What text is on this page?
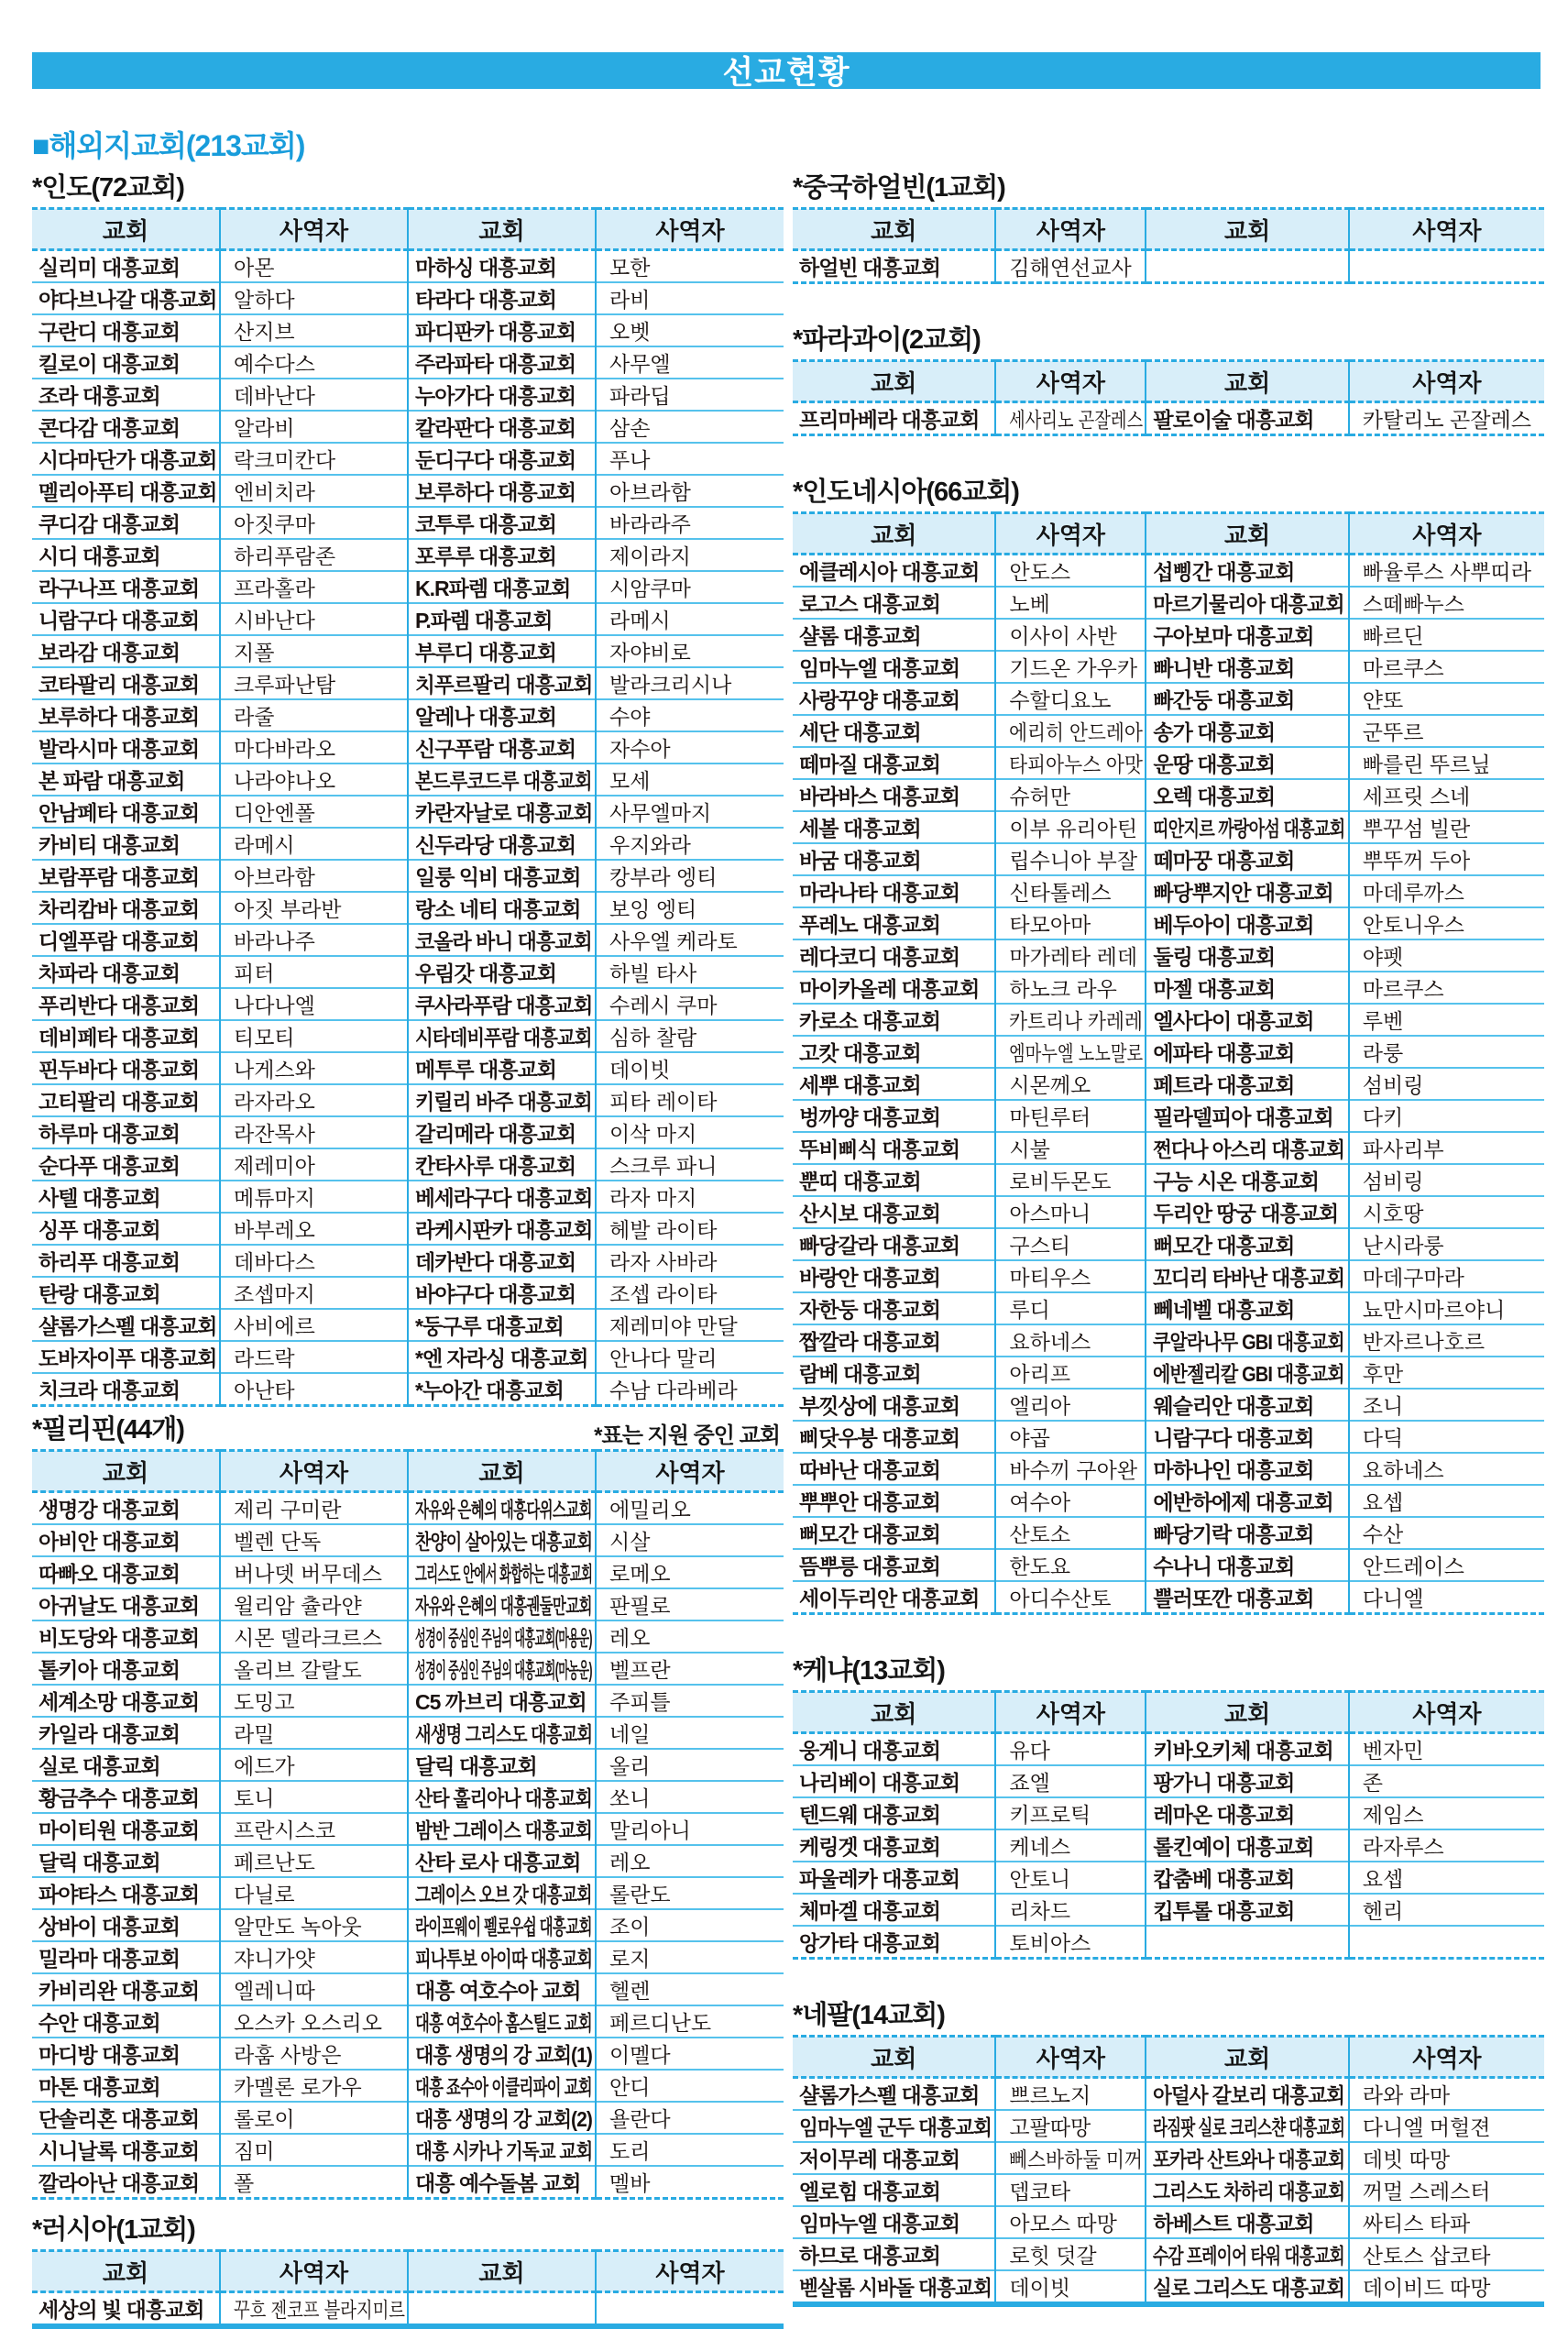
선교현황
■해외지교회(213교회)
*인도(72교회)
교회	사역자	교회	사역자
실리미 대흥교회	아몬	마하싱 대흥교회	모한
야다브나갈 대흥교회	알하다	타라다 대흥교회	라비
구란디 대흥교회	산지브	파디판카 대흥교회	오벳
킬로이 대흥교회	예수다스	주라파타 대흥교회	사무엘
조라 대흥교회	데바난다	누아가다 대흥교회	파라딥
콘다감 대흥교회	알라비	칼라판다 대흥교회	삼손
시다마단가 대흥교회	락크미칸다	둔디구다 대흥교회	푸나
멜리아푸티 대흥교회	엔비치라	보루하다 대흥교회	아브라함
쿠디감 대흥교회	아짓쿠마	코투루 대흥교회	바라라주
시디 대흥교회	하리푸람존	포루루 대흥교회	제이라지
라구나프 대흥교회	프라홀라	K.R파렘 대흥교회	시암쿠마
니람구다 대흥교회	시바난다	P.파렘 대흥교회	라메시
보라감 대흥교회	지폴	부루디 대흥교회	자야비로
코타팔리 대흥교회	크루파난탐	치푸르팔리 대흥교회	발라크리시나
보루하다 대흥교회	라줄	알레나 대흥교회	수야
발라시마 대흥교회	마다바라오	신구푸람 대흥교회	자수아
본 파람 대흥교회	나라야나오	본드루코드루 대흥교회	모세
안남페타 대흥교회	디안엔폴	카란자날로 대흥교회	사무엘마지
카비티 대흥교회	라메시	신두라당 대흥교회	우지와라
보람푸람 대흥교회	아브라함	일룽 익비 대흥교회	캉부라 엥티
차리캄바 대흥교회	아짓 부라반	랑소 네티 대흥교회	보잉 엥티
디엘푸람 대흥교회	바라나주	코올라 바니 대흥교회	사우엘 케라토
차파라 대흥교회	피터	우림갓 대흥교회	하빌 타사
푸리반다 대흥교회	나다나엘	쿠사라푸람 대흥교회	수레시 쿠마
데비페타 대흥교회	티모티	시타데비푸람 대흥교회	심하 찰람
핀두바다 대흥교회	나게스와	메투루 대흥교회	데이빗
고티팔리 대흥교회	라자라오	키릴리 바주 대흥교회	피타 레이타
하루마 대흥교회	라잔목사	갈리메라 대흥교회	이삭 마지
순다푸 대흥교회	제레미아	칸타사루 대흥교회	스크루 파니
사텔 대흥교회	메튜마지	베세라구다 대흥교회	라자 마지
싱푸 대흥교회	바부레오	라케시판카 대흥교회	헤발 라이타
하리푸 대흥교회	데바다스	데카반다 대흥교회	라자 사바라
탄랑 대흥교회	조셉마지	바야구다 대흥교회	조셉 라이타
샬롬가스펠 대흥교회	사비에르	*둥구루 대흥교회	제레미야 만달
도바자이푸 대흥교회	라드락	*엔 자라싱 대흥교회	안나다 말리
치크라 대흥교회	아난타	*누아간 대흥교회	수남 다라베라
*필리핀(44개)	*표는 지원 중인 교회
교회	사역자	교회	사역자
생명강 대흥교회	제리 구미란	자유와 은혜의 대흥다위스교회	에밀리오
아비안 대흥교회	벨렌 단독	찬양이 살아있는 대흥교회	시살
따빠오 대흥교회	버나뎃 버무데스	그리스도 안에서 화합하는 대흥교회	로메오
아귀날도 대흥교회	윌리암 츌라얀	자유와 은혜의 대흥궨둘만교회	판필로
비도당와 대흥교회	시몬 델라크르스	성경이 중심인 주님의 대흥교회(마용운)	레오
톨키아 대흥교회	올리브 갈랄도	성경이 중심인 주님의 대흥교회(마농운)	벨프란
세계소망 대흥교회	도밍고	C5 까브리 대흥교회	주피틀
카일라 대흥교회	라밀	새생명 그리스도 대흥교회	네일
실로 대흥교회	에드가	달릭 대흥교회	올리
황금추수 대흥교회	토니	산타 훌리아나 대흥교회	쏘니
마이티원 대흥교회	프란시스코	밤반 그레이스 대흥교회	말리아니
달릭 대흥교회	페르난도	산타 로사 대흥교회	레오
파야타스 대흥교회	다닐로	그레이스 오브 갓 대흥교회	롤란도
상바이 대흥교회	알만도 녹아웃	라이프웨이 펠로우쉽 대흥교회	조이
밀라마 대흥교회	쟈니가얏	피나투보 아이따 대흥교회	로지
카비리완 대흥교회	엘레니따	대흥 여호수아 교회	헬렌
수안 대흥교회	오스카 오스리오	대흥 여호수아 홈스틸드 교회	페르디난도
마디방 대흥교회	라훔 사방은	대흥 생명의 강 교회(1)	이멜다
마톤 대흥교회	카멜론 로가우	대흥 죠수아 이클리파이 교회	안디
단솔리혼 대흥교회	롤로이	대흥 생명의 강 교회(2)	욜란다
시니날록 대흥교회	짐미	대흥 시카나 기독교 교회	도리
깔라아난 대흥교회	폴	대흥 예수돌봄 교회	멜바
*러시아(1교회)
교회	사역자	교회	사역자
세상의 빛 대흥교회	꾸흐 젠코프 블라지미르		
*중국하얼빈(1교회)
교회	사역자	교회	사역자
하얼빈 대흥교회	김해연선교사		
*파라과이(2교회)
교회	사역자	교회	사역자
프리마베라 대흥교회	세사리노 곤잘레스	팔로이술 대흥교회	카탈리노 곤잘레스
*인도네시아(66교회)
교회	사역자	교회	사역자
에클레시아 대흥교회	안도스	섭삥간 대흥교회	빠율루스 사뿌띠라
로고스 대흥교회	노베	마르기물리아 대흥교회	스떼빠누스
샬롬 대흥교회	이사이 사반	구아보마 대흥교회	빠르딘
임마누엘 대흥교회	기드온 가우카	빠니반 대흥교회	마르쿠스
사랑꾸양 대흥교회	수할디요노	빠간둥 대흥교회	얀또
세단 대흥교회	에리히 안드레아	송가 대흥교회	군뚜르
떼마질 대흥교회	타피아누스 아맛	운땅 대흥교회	빠를린 뚜르닢
바라바스 대흥교회	슈허만	오렉 대흥교회	세프릿 스네
세볼 대흥교회	이부 유리아틴	띠안지르 까랑아섬 대흥교회	뿌꾸섬 빌란
바굼 대흥교회	립수니아 부잘	떼마꿍 대흥교회	뿌뚜꺼 두아
마라나타 대흥교회	신타톨레스	빠당뿌지안 대흥교회	마데루까스
푸레노 대흥교회	타모아마	베두아이 대흥교회	안토니우스
레다코디 대흥교회	마가레타 레데	둘링 대흥교회	야펫
마이카올레 대흥교회	하노크 라우	마젤 대흥교회	마르쿠스
카로소 대흥교회	카트리나 카레레	엘사다이 대흥교회	루벤
고캇 대흥교회	엠마누엘 노노말로	에파타 대흥교회	라룽
세뿌 대흥교회	시몬께오	페트라 대흥교회	섬비링
벙까양 대흥교회	마틴루터	필라델피아 대흥교회	다키
뚜비삐식 대흥교회	시불	쩐다나 아스리 대흥교회	파사리부
뿐띠 대흥교회	로비두몬도	구능 시온 대흥교회	섬비링
산시보 대흥교회	아스마니	두리안 땅궁 대흥교회	시호땅
빠당갈라 대흥교회	구스티	뻐모간 대흥교회	난시라룽
바랑안 대흥교회	마티우스	꼬디리 타바난 대흥교회	마데구마라
자한둥 대흥교회	루디	뻬네벨 대흥교회	뇨만시마르야니
짭깔라 대흥교회	요하네스	쿠알라나무 GBI 대흥교회	반자르나호르
람베 대흥교회	아리프	에반젤리칼 GBI 대흥교회	후만
부낏상에 대흥교회	엘리아	웨슬리안 대흥교회	조니
삐닷우붕 대흥교회	야곱	니람구다 대흥교회	다딕
따바난 대흥교회	바수끼 구아완	마하나인 대흥교회	요하네스
뿌뿌안 대흥교회	여수아	에반하에제 대흥교회	요셉
뻐모간 대흥교회	산토소	빠당기락 대흥교회	수산
뜸뿌릉 대흥교회	한도요	수나니 대흥교회	안드레이스
세이두리안 대흥교회	아디수산토	쁠러또깐 대흥교회	다니엘
*케냐(13교회)
교회	사역자	교회	사역자
웅게니 대흥교회	유다	키바오키체 대흥교회	벤자민
나리베이 대흥교회	죠엘	팡가니 대흥교회	존
텐드웨 대흥교회	키프로틱	레마온 대흥교회	제임스
케링겟 대흥교회	케네스	롤킨예이 대흥교회	라자루스
파울레카 대흥교회	안토니	캅춤베 대흥교회	요셉
체마겔 대흥교회	리차드	킵투롤 대흥교회	헨리
앙가타 대흥교회	토비아스		
*네팔(14교회)
교회	사역자	교회	사역자
샬롬가스펠 대흥교회	쁘르노지	아덜사 갈보리 대흥교회	라와 라마
임마누엘 군두 대흥교회	고팔따망	라짐팟 실로 크리스챤 대흥교회	다니엘 머헐젼
저이무레 대흥교회	뻬스바하둘 미꺼	포카라 산트와나 대흥교회	데빗 따망
엘로힘 대흥교회	뎁코타	그리스도 차하리 대흥교회	꺼멀 스레스터
임마누엘 대흥교회	아모스 따망	하베스트 대흥교회	싸티스 타파
하므로 대흥교회	로힛 덧갈	수감 프레이어 타워 대흥교회	산토스 삽코타
벧살롬 시바돌 대흥교회	데이빗	실로 그리스도 대흥교회	데이비드 따망
